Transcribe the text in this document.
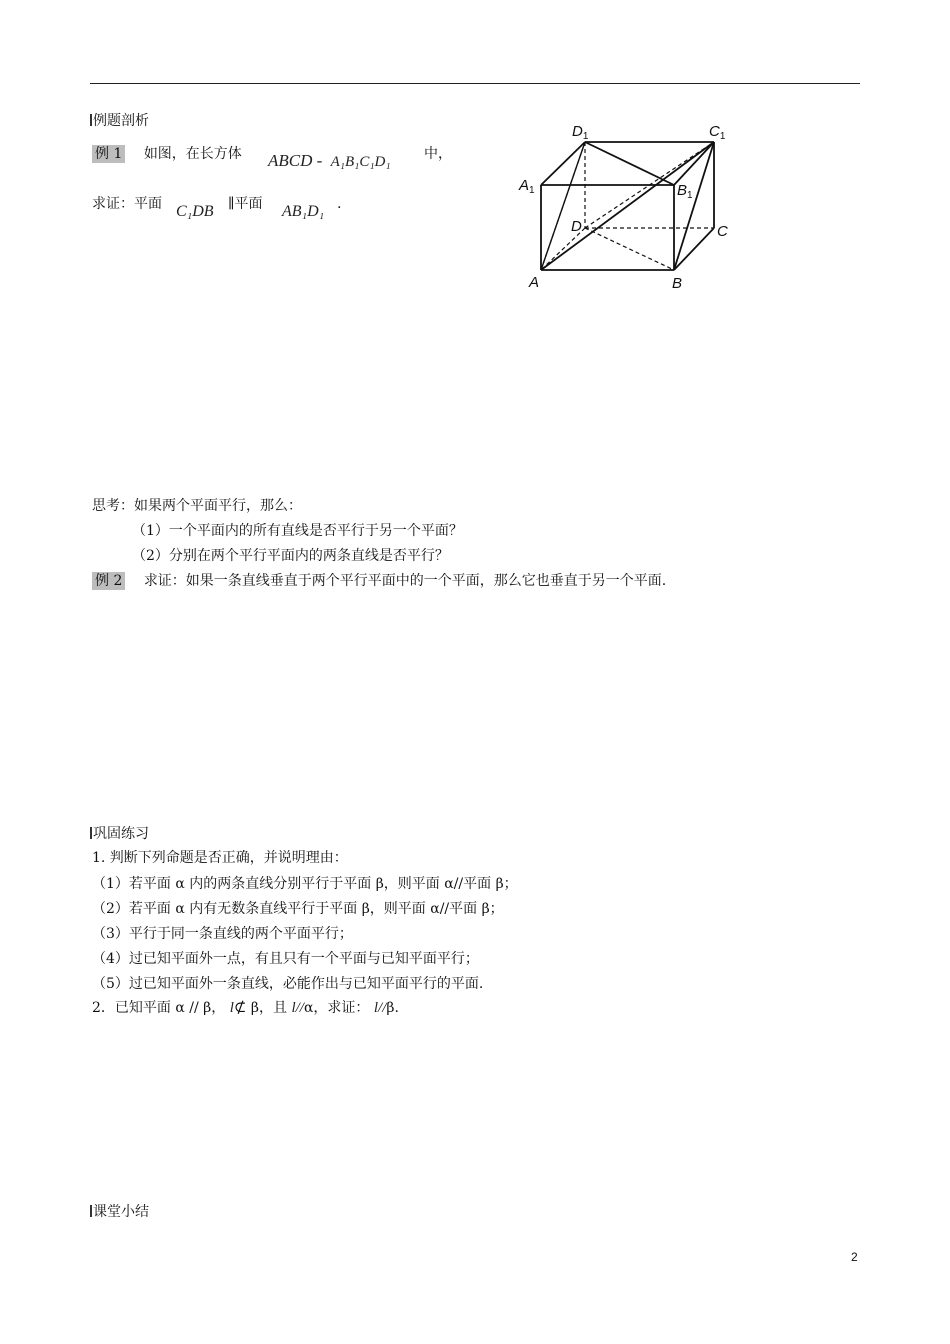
例题剖析
例 1 如图，在长方体 ABCD - A₁B₁C₁D₁ 中，
求证：平面 C₁DB ∥平面 AB₁D₁ .
$D_1$	$C_1$
$A_1$	$B_1$
D	C
A	B
思考：如果两个平面平行，那么：
（1）一个平面内的所有直线是否平行于另一个平面？
（2）分别在两个平行平面内的两条直线是否平行？
例 2 求证：如果一条直线垂直于两个平行平面中的一个平面，那么它也垂直于另一个平面.
巩固练习
1. 判断下列命题是否正确，并说明理由：
（1）若平面 α 内的两条直线分别平行于平面 β，则平面 α//平面 β；
（2）若平面 α 内有无数条直线平行于平面 β，则平面 α//平面 β；
（3）平行于同一条直线的两个平面平行；
（4）过已知平面外一点，有且只有一个平面与已知平面平行；
（5）过已知平面外一条直线，必能作出与已知平面平行的平面.
2．已知平面 α // β， l⊄ β，且 l//α，求证： l//β.
课堂小结
2
